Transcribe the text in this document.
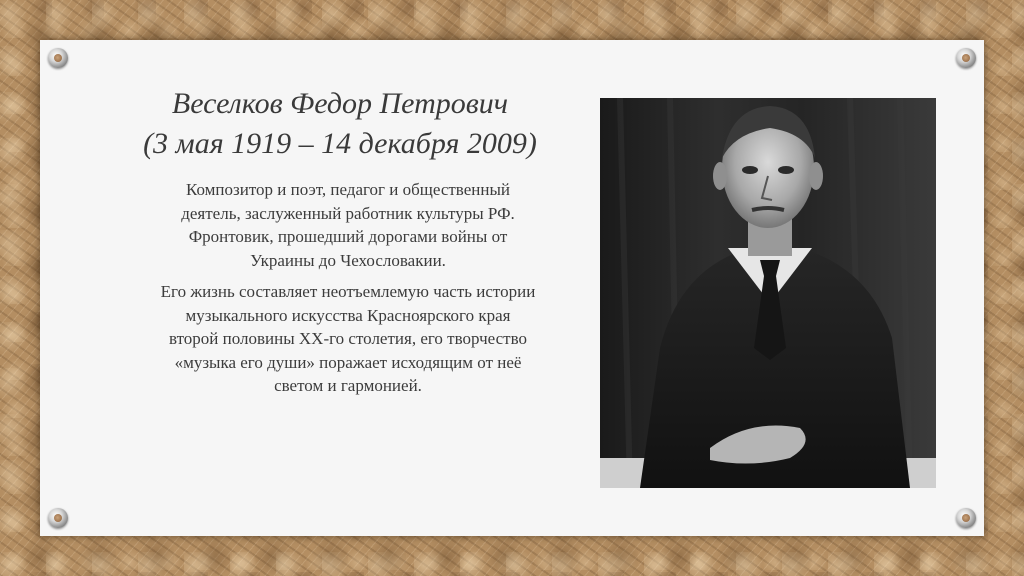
Веселков Федор Петрович
(3 мая 1919 – 14 декабря 2009)

Композитор и поэт, педагог и общественный
деятель, заслуженный работник культуры РФ.
Фронтовик, прошедший дорогами войны от
Украины до Чехословакии.

Его жизнь составляет неотъемлемую часть истории
музыкального искусства Красноярского края
второй половины XX-го столетия, его творчество
«музыка его души» поражает исходящим от неё
светом и гармонией.
